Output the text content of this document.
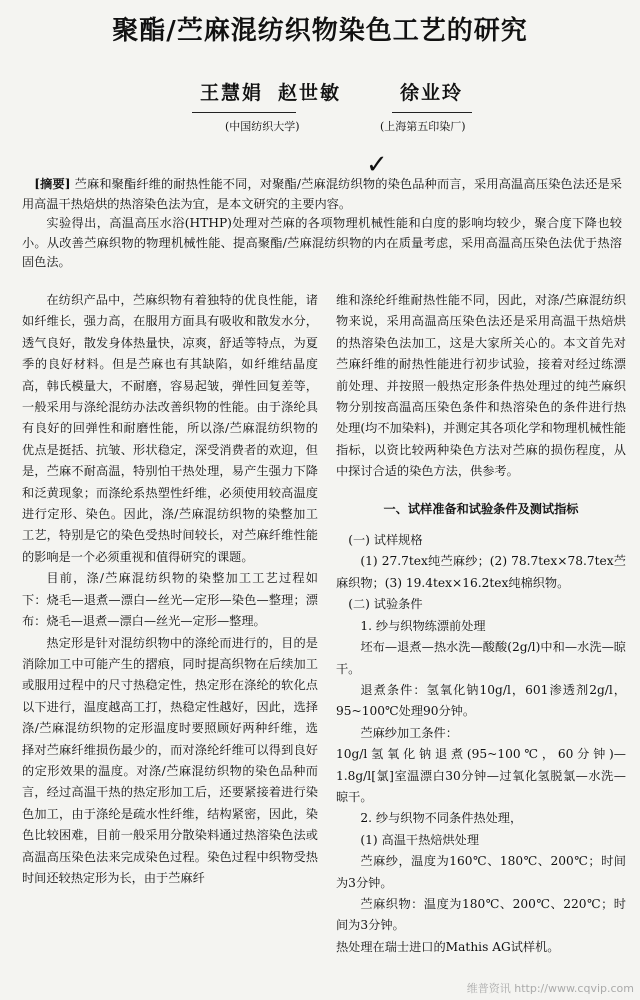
聚酯/苎麻混纺织物染色工艺的研究
王慧娟 赵世敏
✓
徐业玲
(中国纺织大学)	(上海第五印染厂)

[摘要] 苎麻和聚酯纤维的耐热性能不同，对聚酯/苎麻混纺织物的染色品种而言，采用高温高压染色法还是采用高温干热焙烘的热溶染色法为宜，是本文研究的主要内容。

实验得出，高温高压水浴(HTHP)处理对苎麻的各项物理机械性能和白度的影响均较少，聚合度下降也较小。从改善苎麻织物的物理机械性能、提高聚酯/苎麻混纺织物的内在质量考虑，采用高温高压染色法优于热溶固色法。

在纺织产品中，苎麻织物有着独特的优良性能，诸如纤维长，强力高，在服用方面具有吸收和散发水分，透气良好，散发身体热量快，凉爽，舒适等特点，为夏季的良好材料。但是苎麻也有其缺陷，如纤维结晶度高，韩氏模量大，不耐磨，容易起皱，弹性回复差等，一般采用与涤纶混纺办法改善织物的性能。由于涤纶具有良好的回弹性和耐磨性能，所以涤/苎麻混纺织物的优点是挺括、抗皱、形状稳定，深受消费者的欢迎，但是，苎麻不耐高温，特别怕干热处理，易产生强力下降和泛黄现象；而涤纶系热塑性纤维，必须使用较高温度进行定形、染色。因此，涤/苎麻混纺织物的染整加工工艺，特别是它的染色受热时间较长，对苎麻纤维性能的影响是一个必须重视和值得研究的课题。

目前，涤/苎麻混纺织物的染整加工工艺过程如下：烧毛—退煮—漂白—丝光—定形—染色—整理；漂布：烧毛—退煮—漂白—丝光—定形—整理。

热定形是针对混纺织物中的涤纶而进行的，目的是消除加工中可能产生的摺痕，同时提高织物在后续加工或服用过程中的尺寸热稳定性，热定形在涤纶的软化点以下进行，温度越高工打，热稳定性越好，因此，选择涤/苎麻混纺织物的定形温度时要照顾好两种纤维，选择对苎麻纤维损伤最少的，而对涤纶纤维可以得到良好的定形效果的温度。对涤/苎麻混纺织物的染色品种而言，经过高温干热的热定形加工后，还要紧接着进行染色加工，由于涤纶是疏水性纤维，结构紧密，因此，染色比较困难，目前一般采用分散染料通过热溶染色法或高温高压染色法来完成染色过程。染色过程中织物受热时间还较热定形为长，由于苎麻纤

维和涤纶纤维耐热性能不同，因此，对涤/苎麻混纺织物来说，采用高温高压染色法还是采用高温干热焙烘的热溶染色法加工，这是大家所关心的。本文首先对苎麻纤维的耐热性能进行初步试验，接着对经过练漂前处理、并按照一般热定形条件热处理过的纯苎麻织物分别按高温高压染色条件和热溶染色的条件进行热处理(均不加染料)，并测定其各项化学和物理机械性能指标，以资比较两种染色方法对苎麻的损伤程度，从中探讨合适的染色方法，供参考。

一、试样准备和试验条件及测试指标

(一) 试样规格

(1) 27.7tex纯苎麻纱；(2) 78.7tex×78.7tex苎麻织物；(3) 19.4tex×16.2tex纯棉织物。

(二) 试验条件

1. 纱与织物练漂前处理

坯布—退煮—热水洗—酸酸(2g/l)中和—水洗—晾干。

退煮条件：氢氧化钠10g/l，601渗透剂2g/l，95~100℃处理90分钟。

苎麻纱加工条件：

10g/l氢氧化钠退煮(95~100℃，60分钟)—1.8g/l[氯]室温漂白30分钟—过氧化氢脱氯—水洗—晾干。

2. 纱与织物不同条件热处理，

(1) 高温干热焙烘处理

苎麻纱，温度为160℃、180℃、200℃；时间为3分钟。

苎麻织物：温度为180℃、200℃、220℃；时间为3分钟。

热处理在瑞士进口的Mathis AG试样机。

维普资讯 http://www.cqvip.com
